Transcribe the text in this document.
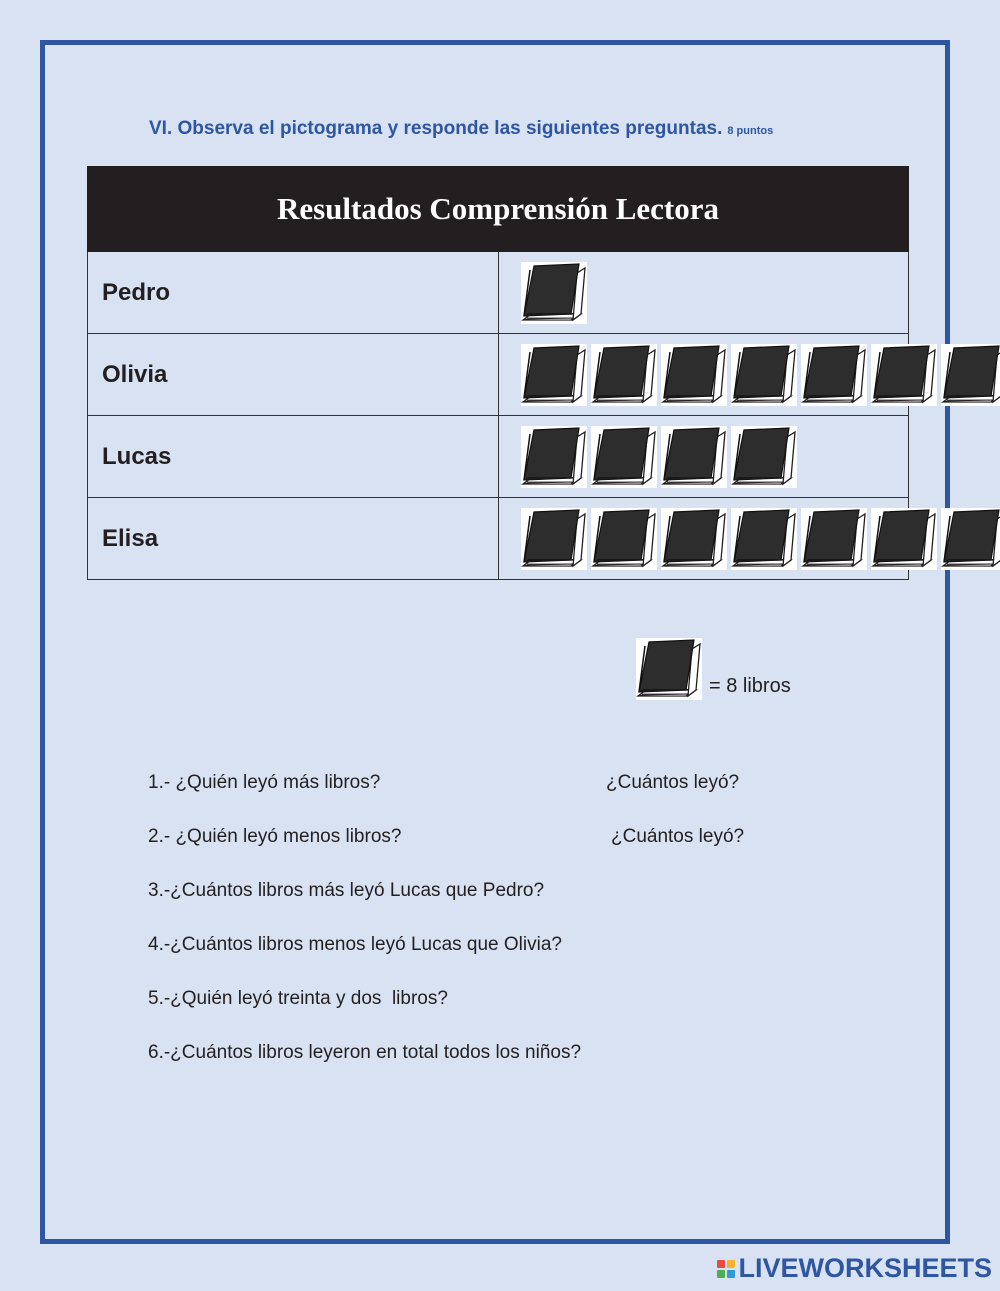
VI. Observa el pictograma y responde las siguientes preguntas. 8 puntos
Resultados Comprensión Lectora	
Pedro	

Olivia	

Lucas	

Elisa	
= 8 libros
1.- ¿Quién leyó más libros?	¿Cuántos leyó?
2.- ¿Quién leyó menos libros?	¿Cuántos leyó?
3.-¿Cuántos libros más leyó Lucas que Pedro?
4.-¿Cuántos libros menos leyó Lucas que Olivia?
5.-¿Quién leyó treinta y dos  libros?
6.-¿Cuántos libros leyeron en total todos los niños?
LIVEWORKSHEETS
